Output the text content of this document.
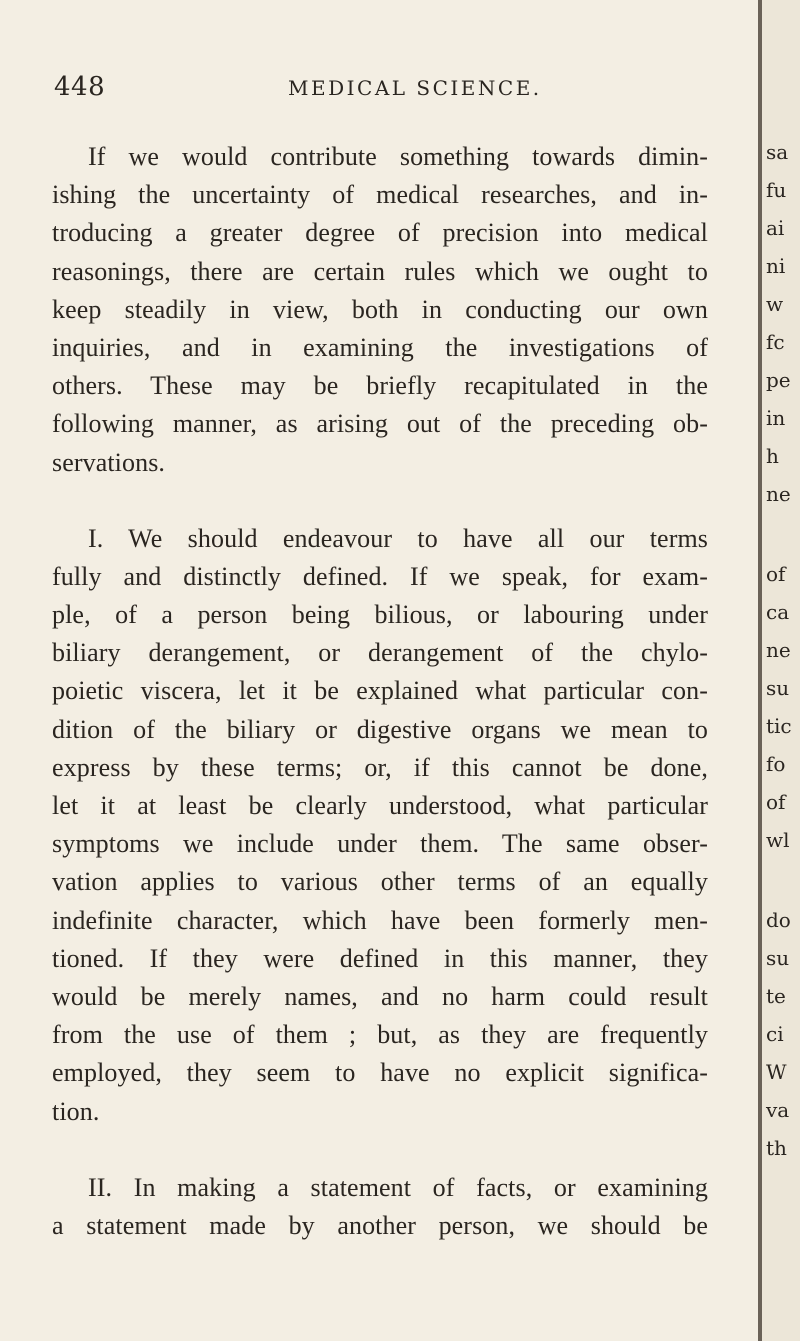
448	MEDICAL SCIENCE.
If we would contribute something towards dimin-
ishing the uncertainty of medical researches, and in-
troducing a greater degree of precision into medical
reasonings, there are certain rules which we ought to
keep steadily in view, both in conducting our own
inquiries, and in examining the investigations of
others. These may be briefly recapitulated in the
following manner, as arising out of the preceding ob-
servations.
I. We should endeavour to have all our terms
fully and distinctly defined. If we speak, for exam-
ple, of a person being bilious, or labouring under
biliary derangement, or derangement of the chylo-
poietic viscera, let it be explained what particular con-
dition of the biliary or digestive organs we mean to
express by these terms; or, if this cannot be done,
let it at least be clearly understood, what particular
symptoms we include under them. The same obser-
vation applies to various other terms of an equally
indefinite character, which have been formerly men-
tioned. If they were defined in this manner, they
would be merely names, and no harm could result
from the use of them ; but, as they are frequently
employed, they seem to have no explicit significa-
tion.
II. In making a statement of facts, or examining
a statement made by another person, we should be
sa
fu
ai
ni
w
fc
pe
in
h
ne
of
ca
ne
su
tic
fo
of
wl
do
su
te
ci
W
va
th
